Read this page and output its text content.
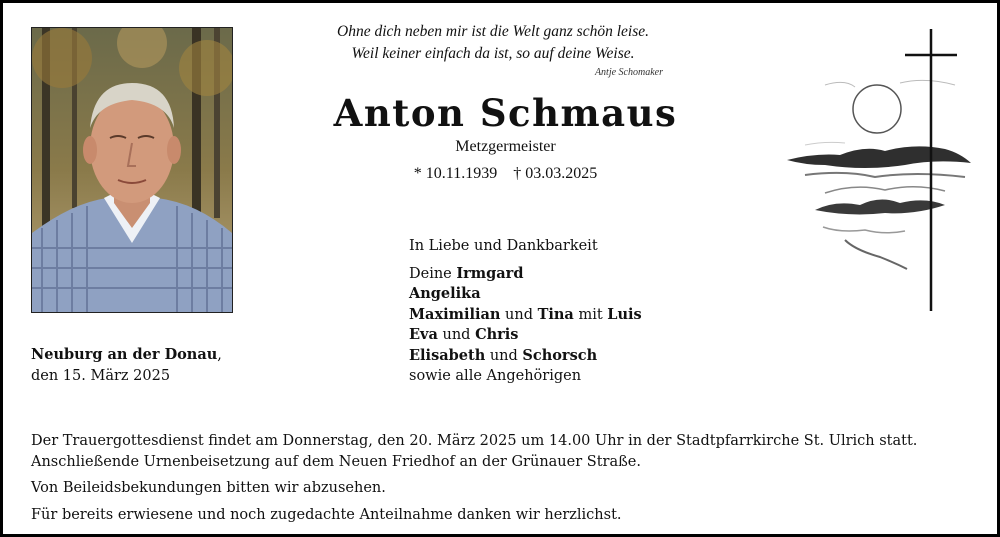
Ohne dich neben mir ist die Welt ganz schön leise.
Weil keiner einfach da ist, so auf deine Weise.
Antje Schomaker
Anton Schmaus
Metzgermeister
* 10.11.1939 † 03.03.2025
In Liebe und Dankbarkeit
Deine Irmgard
Angelika
Maximilian und Tina mit Luis
Eva und Chris
Elisabeth und Schorsch
sowie alle Angehörigen
Neuburg an der Donau,
den 15. März 2025

Der Trauergottesdienst findet am Donnerstag, den 20. März 2025 um 14.00 Uhr in der Stadtpfarrkirche St. Ulrich statt.
Anschließende Urnenbeisetzung auf dem Neuen Friedhof an der Grünauer Straße.

Von Beileidsbekundungen bitten wir abzusehen.

Für bereits erwiesene und noch zugedachte Anteilnahme danken wir herzlichst.
